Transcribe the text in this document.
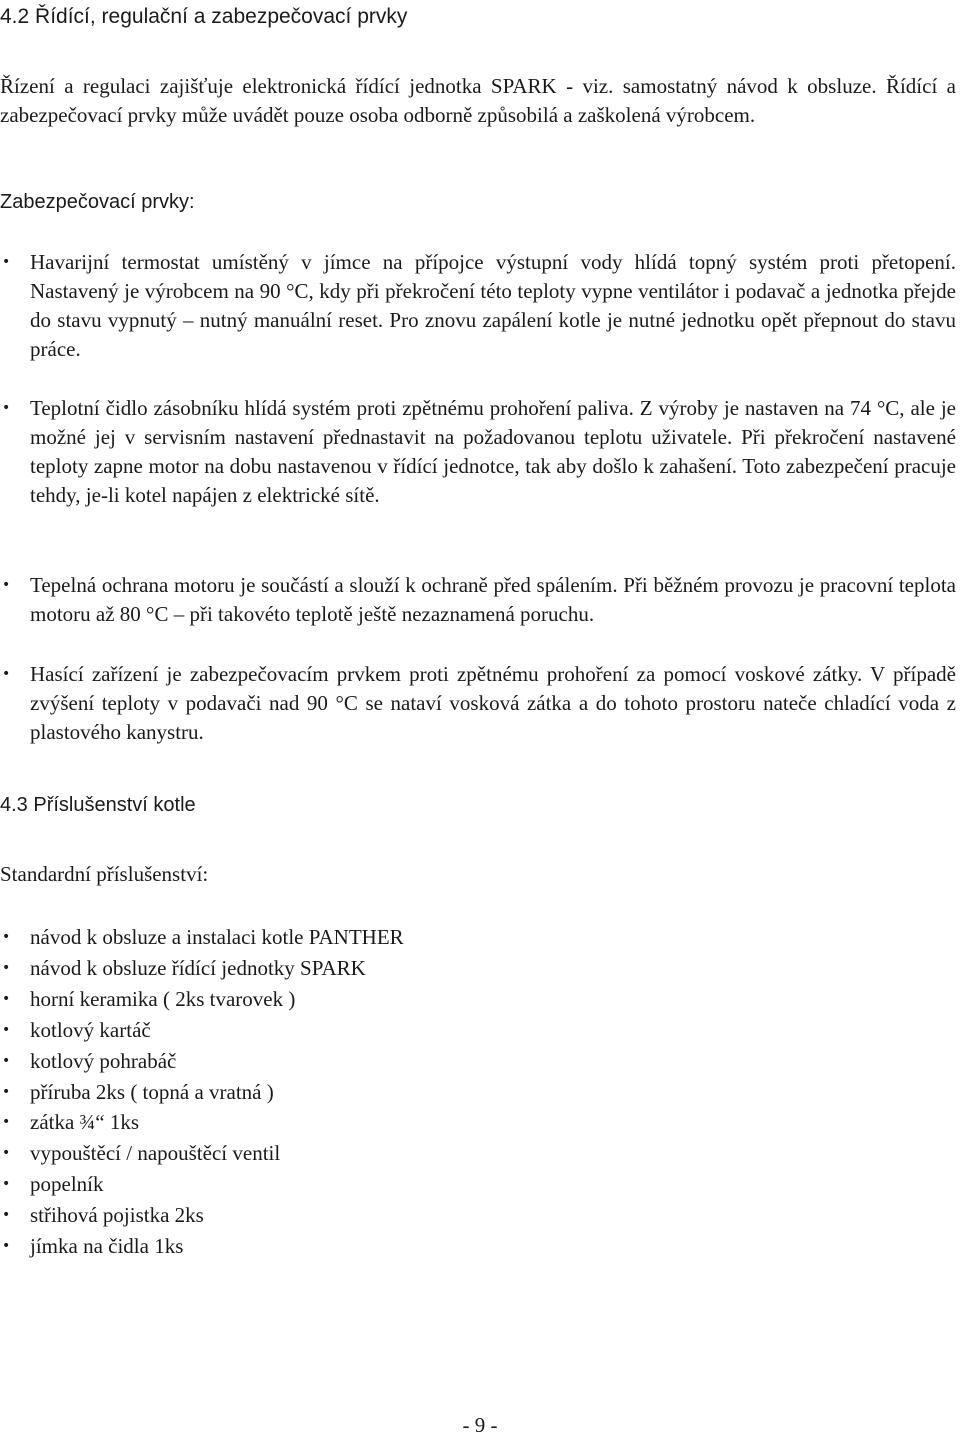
4.2 Řídící, regulační a zabezpečovací prvky

Řízení a regulaci zajišťuje elektronická řídící jednotka SPARK - viz. samostatný návod k obsluze. Řídící a zabezpečovací prvky může uvádět pouze osoba odborně způsobilá a zaškolená výrobcem.

Zabezpečovací prvky:
• Havarijní termostat umístěný v jímce na přípojce výstupní vody hlídá topný systém proti přetopení. Nastavený je výrobcem na 90 °C, kdy při překročení této teploty vypne ventilátor i podavač a jednotka přejde do stavu vypnutý – nutný manuální reset. Pro znovu zapálení kotle je nutné jednotku opět přepnout do stavu práce.
• Teplotní čidlo zásobníku hlídá systém proti zpětnému prohoření paliva. Z výroby je nastaven na 74 °C, ale je možné jej v servisním nastavení přednastavit na požadovanou teplotu uživatele. Při překročení nastavené teploty zapne motor na dobu nastavenou v řídící jednotce, tak aby došlo k zahašení. Toto zabezpečení pracuje tehdy, je-li kotel napájen z elektrické sítě.
• Tepelná ochrana motoru je součástí a slouží k ochraně před spálením. Při běžném provozu je pracovní teplota motoru až 80 °C – při takovéto teplotě ještě nezaznamená poruchu.
• Hasící zařízení je zabezpečovacím prvkem proti zpětnému prohoření za pomocí voskové zátky. V případě zvýšení teploty v podavači nad 90 °C se nataví vosková zátka a do tohoto prostoru nateče chladící voda z plastového kanystru.
4.3 Příslušenství kotle
Standardní příslušenství:
• návod k obsluze a instalaci kotle PANTHER
• návod k obsluze řídící jednotky SPARK
• horní keramika ( 2ks tvarovek )
• kotlový kartáč
• kotlový pohrabáč
• příruba 2ks ( topná a vratná )
• zátka ¾“ 1ks
• vypouštěcí / napouštěcí ventil
• popelník
• střihová pojistka 2ks
• jímka na čidla 1ks

- 9 -
